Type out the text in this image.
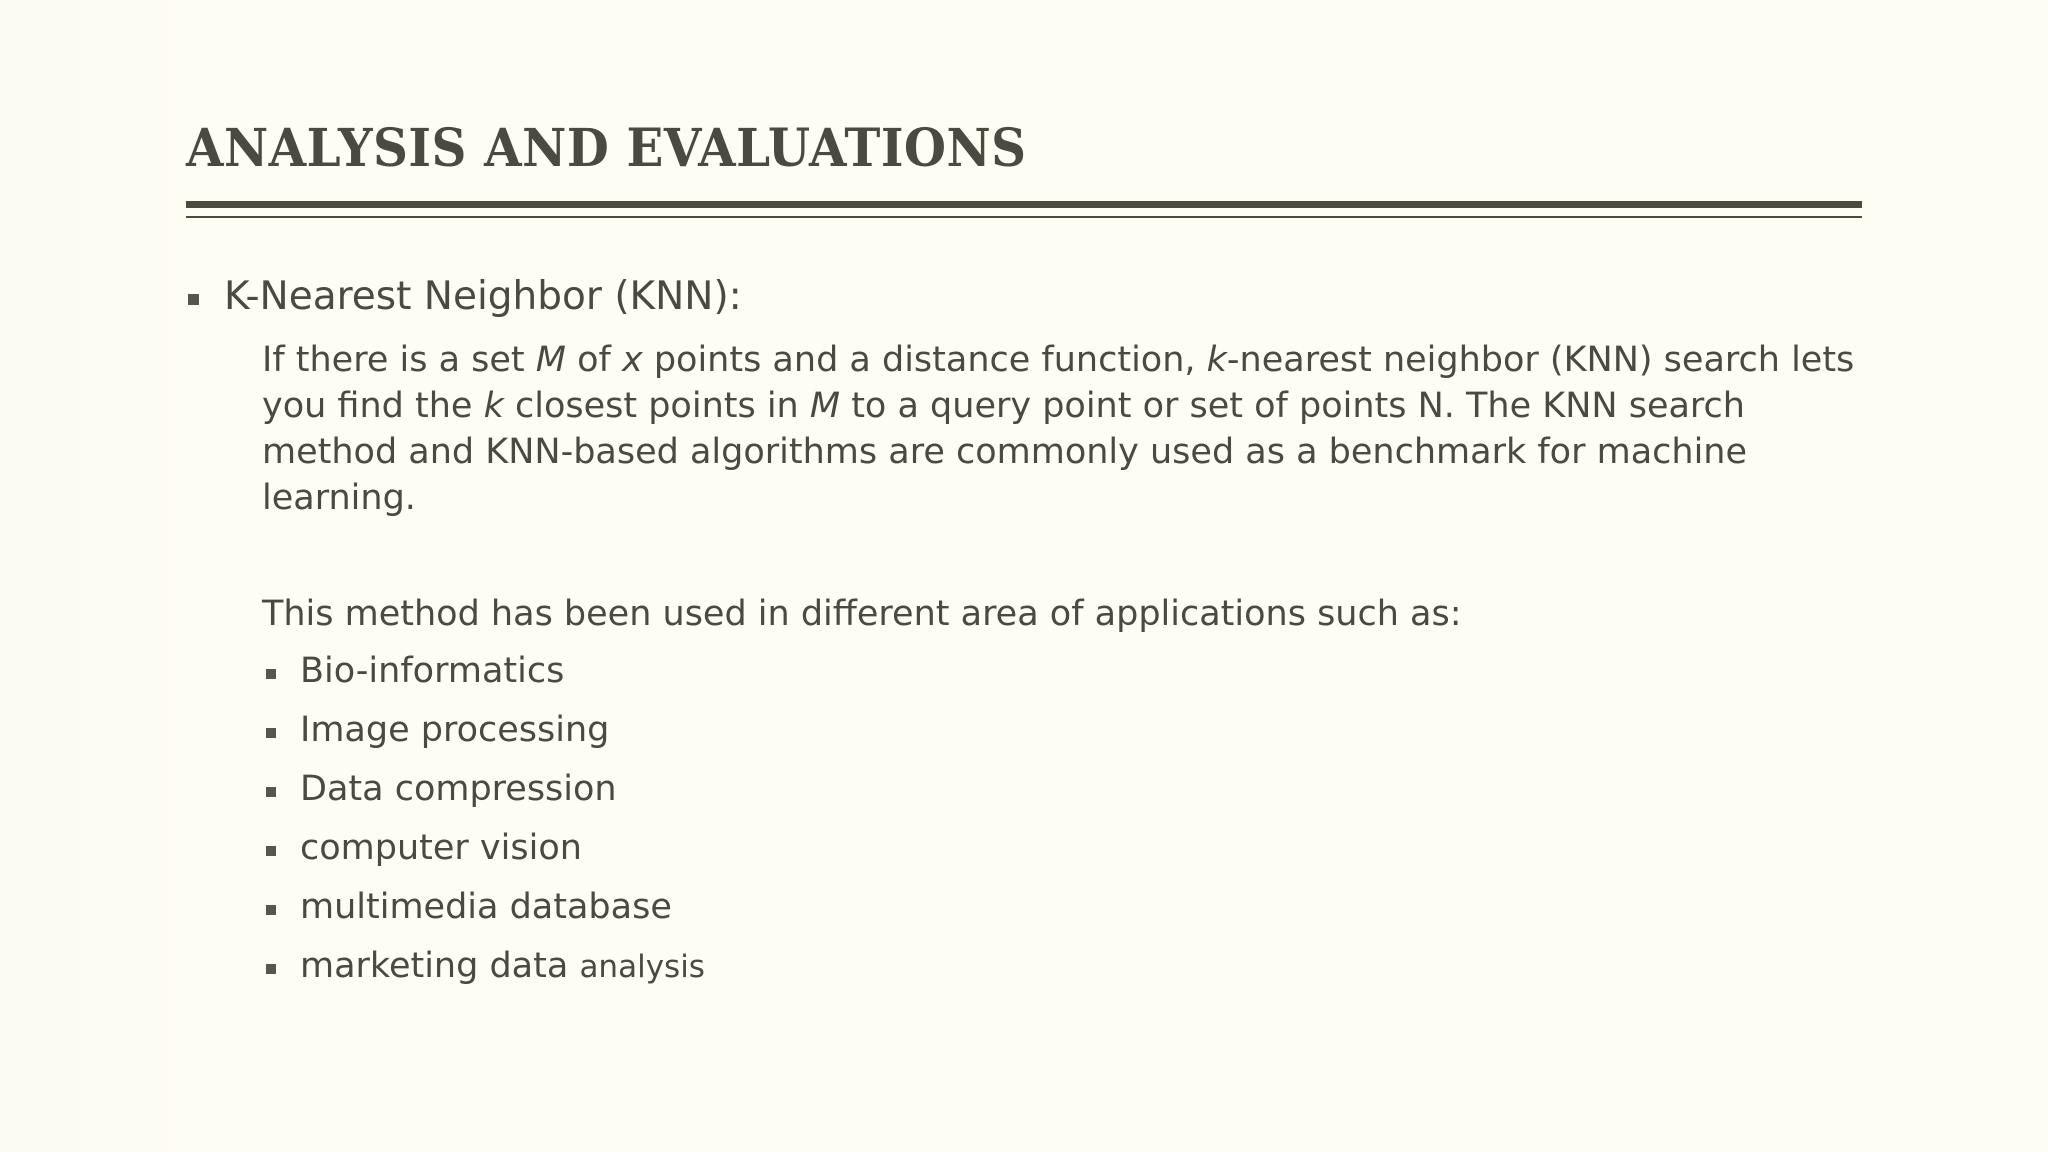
ANALYSIS AND EVALUATIONS
K-Nearest Neighbor (KNN):
If there is a set M of x points and a distance function, k-nearest neighbor (KNN) search lets
you find the k closest points in M to a query point or set of points N. The KNN search
method and KNN-based algorithms are commonly used as a benchmark for machine
learning.
This method has been used in different area of applications such as:
Bio-informatics
Image processing
Data compression
computer vision
multimedia database
marketing data analysis
